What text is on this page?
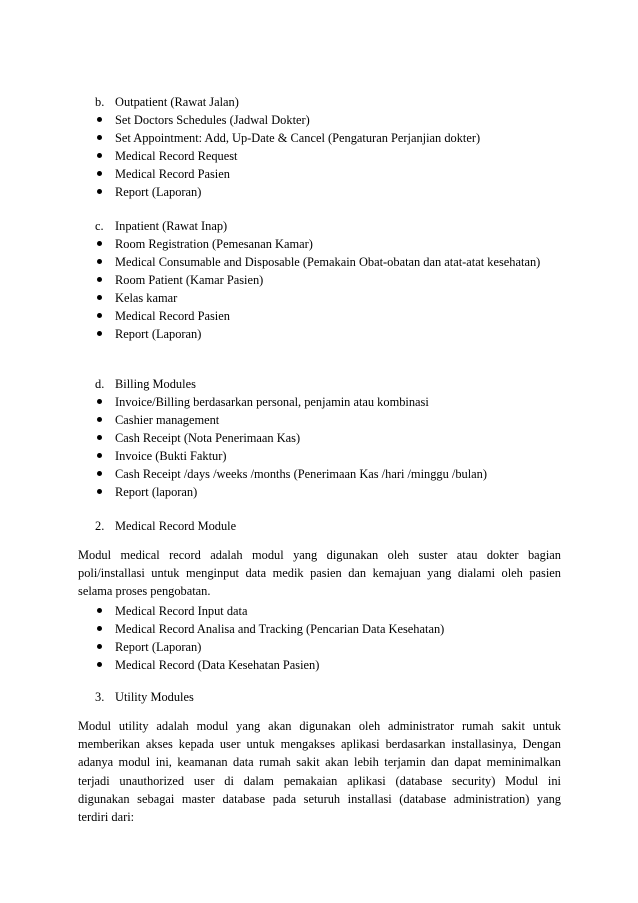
b. Outpatient (Rawat Jalan)
Set Doctors Schedules (Jadwal Dokter)
Set Appointment: Add, Up-Date & Cancel (Pengaturan Perjanjian dokter)
Medical Record Request
Medical Record Pasien
Report (Laporan)
c. Inpatient (Rawat Inap)
Room Registration (Pemesanan Kamar)
Medical Consumable and Disposable (Pemakain Obat-obatan dan atat-atat kesehatan)
Room Patient (Kamar Pasien)
Kelas kamar
Medical Record Pasien
Report (Laporan)
d. Billing Modules
Invoice/Billing berdasarkan personal, penjamin atau kombinasi
Cashier management
Cash Receipt (Nota Penerimaan Kas)
Invoice (Bukti Faktur)
Cash Receipt /days /weeks /months (Penerimaan Kas /hari /minggu /bulan)
Report (laporan)
2. Medical Record Module
Modul medical record adalah modul yang digunakan oleh suster atau dokter bagian
poli/installasi untuk menginput data medik pasien dan kemajuan yang dialami oleh pasien
selama proses pengobatan.
Medical Record Input data
Medical Record Analisa and Tracking (Pencarian Data Kesehatan)
Report (Laporan)
Medical Record (Data Kesehatan Pasien)
3. Utility Modules
Modul utility adalah modul yang akan digunakan oleh administrator rumah sakit untuk
memberikan akses kepada user untuk mengakses aplikasi berdasarkan installasinya, Dengan
adanya modul ini, keamanan data rumah sakit akan lebih terjamin dan dapat meminimalkan
terjadi unauthorized user di dalam pemakaian aplikasi (database security) Modul ini
digunakan sebagai master database pada seturuh installasi (database administration) yang
terdiri dari:
